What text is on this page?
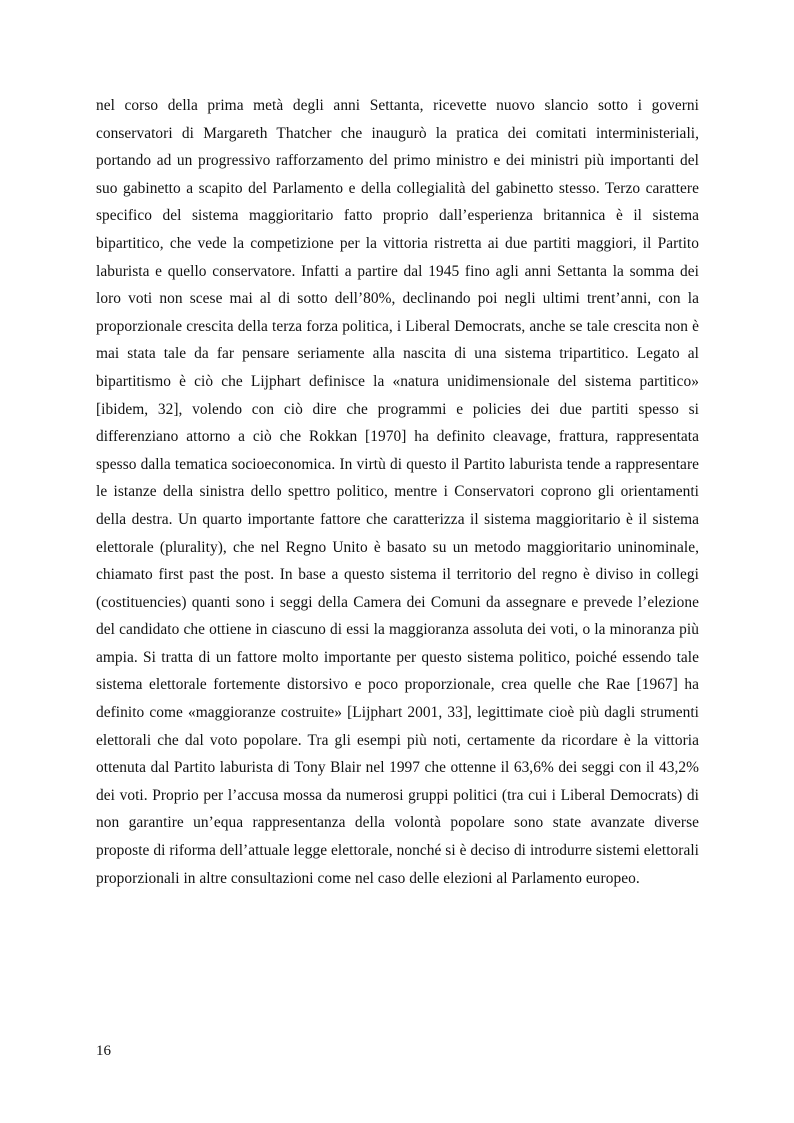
nel corso della prima metà degli anni Settanta, ricevette nuovo slancio sotto i governi conservatori di Margareth Thatcher che inaugurò la pratica dei comitati interministeriali, portando ad un progressivo rafforzamento del primo ministro e dei ministri più importanti del suo gabinetto a scapito del Parlamento e della collegialità del gabinetto stesso. Terzo carattere specifico del sistema maggioritario fatto proprio dall’esperienza britannica è il sistema bipartitico, che vede la competizione per la vittoria ristretta ai due partiti maggiori, il Partito laburista e quello conservatore. Infatti a partire dal 1945 fino agli anni Settanta la somma dei loro voti non scese mai al di sotto dell’80%, declinando poi negli ultimi trent’anni, con la proporzionale crescita della terza forza politica, i Liberal Democrats, anche se tale crescita non è mai stata tale da far pensare seriamente alla nascita di una sistema tripartitico. Legato al bipartitismo è ciò che Lijphart definisce la «natura unidimensionale del sistema partitico» [ibidem, 32], volendo con ciò dire che programmi e policies dei due partiti spesso si differenziano attorno a ciò che Rokkan [1970] ha definito cleavage, frattura, rappresentata spesso dalla tematica socioeconomica. In virtù di questo il Partito laburista tende a rappresentare le istanze della sinistra dello spettro politico, mentre i Conservatori coprono gli orientamenti della destra. Un quarto importante fattore che caratterizza il sistema maggioritario è il sistema elettorale (plurality), che nel Regno Unito è basato su un metodo maggioritario uninominale, chiamato first past the post. In base a questo sistema il territorio del regno è diviso in collegi (costituencies) quanti sono i seggi della Camera dei Comuni da assegnare e prevede l’elezione del candidato che ottiene in ciascuno di essi la maggioranza assoluta dei voti, o la minoranza più ampia. Si tratta di un fattore molto importante per questo sistema politico, poiché essendo tale sistema elettorale fortemente distorsivo e poco proporzionale, crea quelle che Rae [1967] ha definito come «maggioranze costruite» [Lijphart 2001, 33], legittimate cioè più dagli strumenti elettorali che dal voto popolare. Tra gli esempi più noti, certamente da ricordare è la vittoria ottenuta dal Partito laburista di Tony Blair nel 1997 che ottenne il 63,6% dei seggi con il 43,2% dei voti. Proprio per l’accusa mossa da numerosi gruppi politici (tra cui i Liberal Democrats) di non garantire un’equa rappresentanza della volontà popolare sono state avanzate diverse proposte di riforma dell’attuale legge elettorale, nonché si è deciso di introdurre sistemi elettorali proporzionali in altre consultazioni come nel caso delle elezioni al Parlamento europeo.

16
